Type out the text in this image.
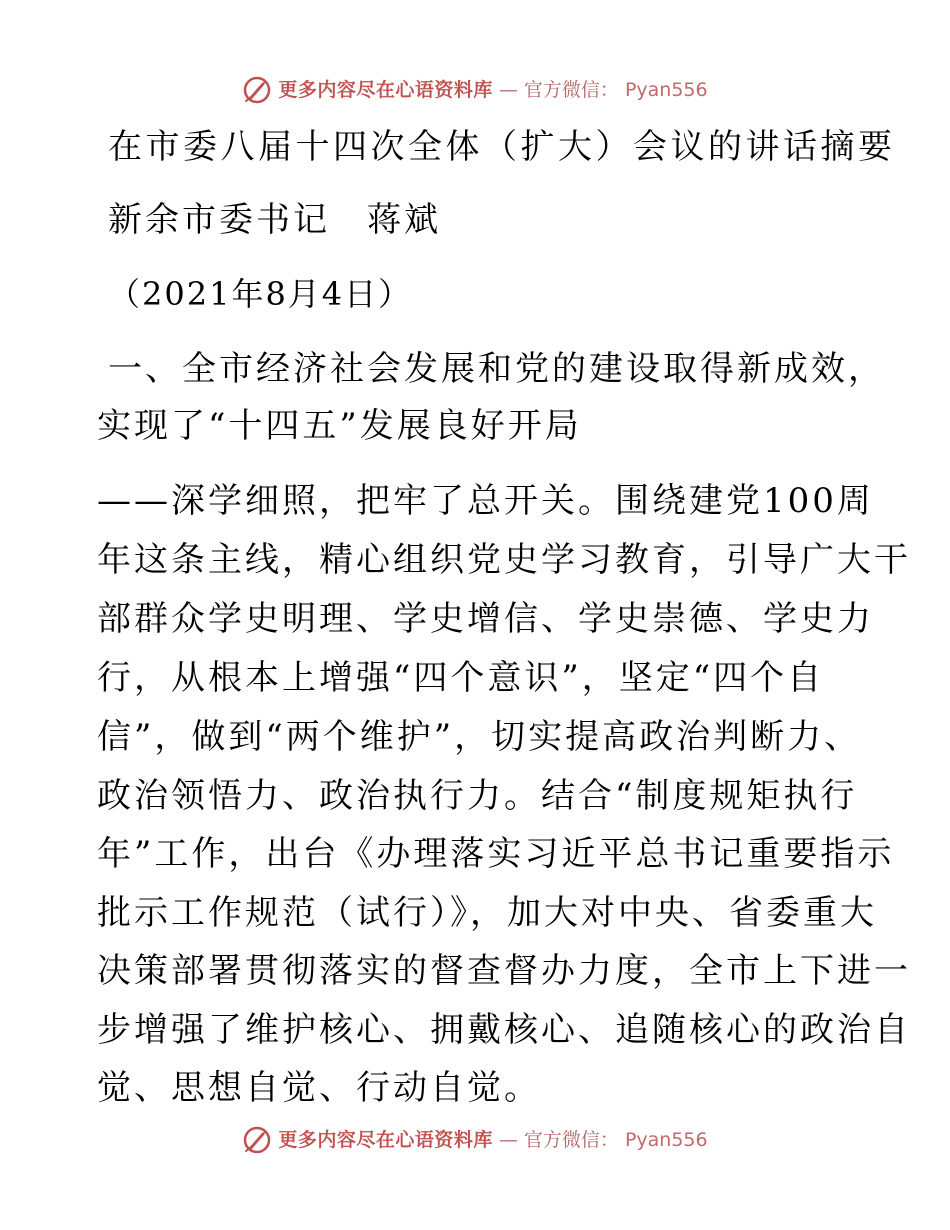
更多内容尽在心语资料库 — 官方微信： Pyan556
在市委八届十四次全体（扩大）会议的讲话摘要
新余市委书记　蒋斌
（2021年8月4日）
一、全市经济社会发展和党的建设取得新成效，
实现了“十四五”发展良好开局
——深学细照，把牢了总开关。围绕建党100周
年这条主线，精心组织党史学习教育，引导广大干
部群众学史明理、学史增信、学史崇德、学史力
行，从根本上增强“四个意识”，坚定“四个自
信”，做到“两个维护”，切实提高政治判断力、
政治领悟力、政治执行力。结合“制度规矩执行
年”工作，出台《办理落实习近平总书记重要指示
批示工作规范（试行）》，加大对中央、省委重大
决策部署贯彻落实的督查督办力度，全市上下进一
步增强了维护核心、拥戴核心、追随核心的政治自
觉、思想自觉、行动自觉。
更多内容尽在心语资料库 — 官方微信： Pyan556
